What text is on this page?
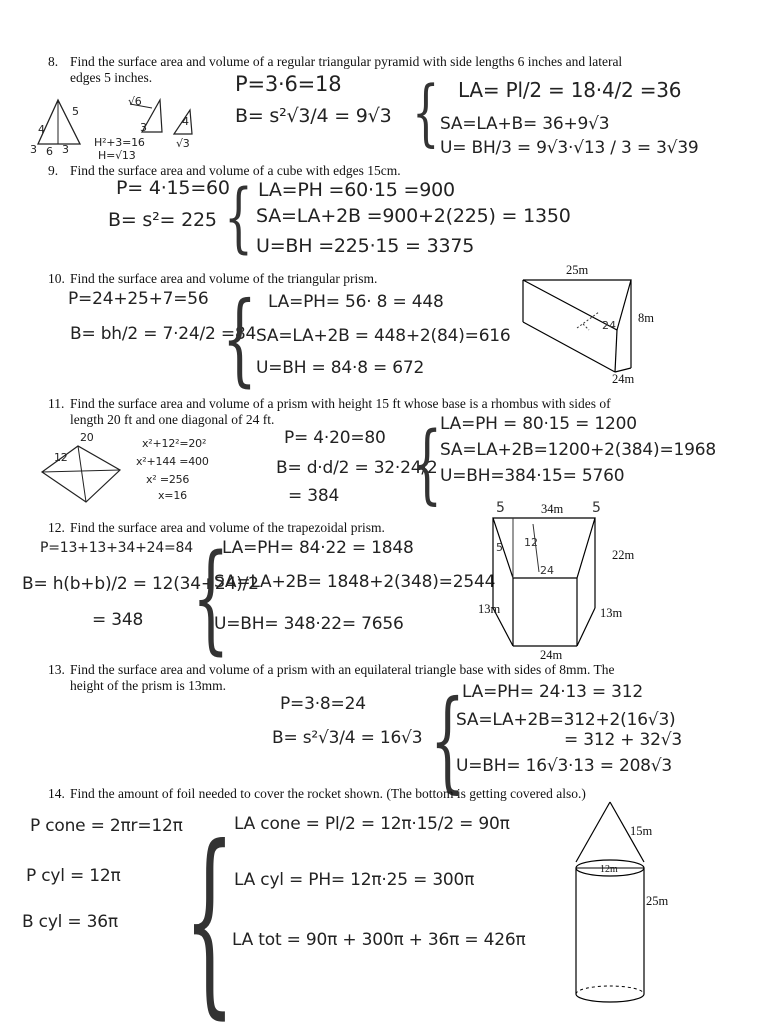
8. Find the surface area and volume of a regular triangular pyramid with side lengths 6 inches and lateral
edges 5 inches.
4
5
3 6 3
√6
3	4
√3
H²+3=16
H=√13
P=3·6=18
B= s²√3/4 = 9√3 { LA= Pl/2 = 18·4/2 =36
SA=LA+B= 36+9√3
U= BH/3 = 9√3·√13 / 3 = 3√39
9. Find the surface area and volume of a cube with edges 15cm.
P= 4·15=60
B= s²= 225 { LA=PH =60·15 =900
SA=LA+2B =900+2(225) = 1350
U=BH =225·15 = 3375
10. Find the surface area and volume of the triangular prism.
P=24+25+7=56
B= bh/2 = 7·24/2 =84
{ LA=PH= 56· 8 = 448
SA=LA+2B = 448+2(84)=616
U=BH = 84·8 = 672
25m
8m
24m
24
11. Find the surface area and volume of a prism with height 15 ft whose base is a rhombus with sides of
length 20 ft and one diagonal of 24 ft.
20
12
x²+12²=20²
x²+144 =400
x² =256
x=16
P= 4·20=80
B= d·d/2 = 32·24/2
= 384 {
LA=PH = 80·15 = 1200
SA=LA+2B=1200+2(384)=1968
U=BH=384·15= 5760
12. Find the surface area and volume of the trapezoidal prism.
P=13+13+34+24=84
B= h(b+b)/2 = 12(34+24)/2
= 348 {
LA=PH= 84·22 = 1848
SA=LA+2B= 1848+2(348)=2544
U=BH= 348·22= 7656
34m
5	5
22m
13m	13m
24m
5 12
24
13. Find the surface area and volume of a prism with an equilateral triangle base with sides of 8mm. The
height of the prism is 13mm.
P=3·8=24
B= s²√3/4 = 16√3 {
LA=PH= 24·13 = 312
SA=LA+2B=312+2(16√3)
= 312 + 32√3
U=BH= 16√3·13 = 208√3
14. Find the amount of foil needed to cover the rocket shown. (The bottom is getting covered also.)
P cone = 2πr=12π
P cyl = 12π
B cyl = 36π { LA cone = Pl/2 = 12π·15/2 = 90π
LA cyl = PH= 12π·25 = 300π
LA tot = 90π + 300π + 36π = 426π
15m
12m
25m
